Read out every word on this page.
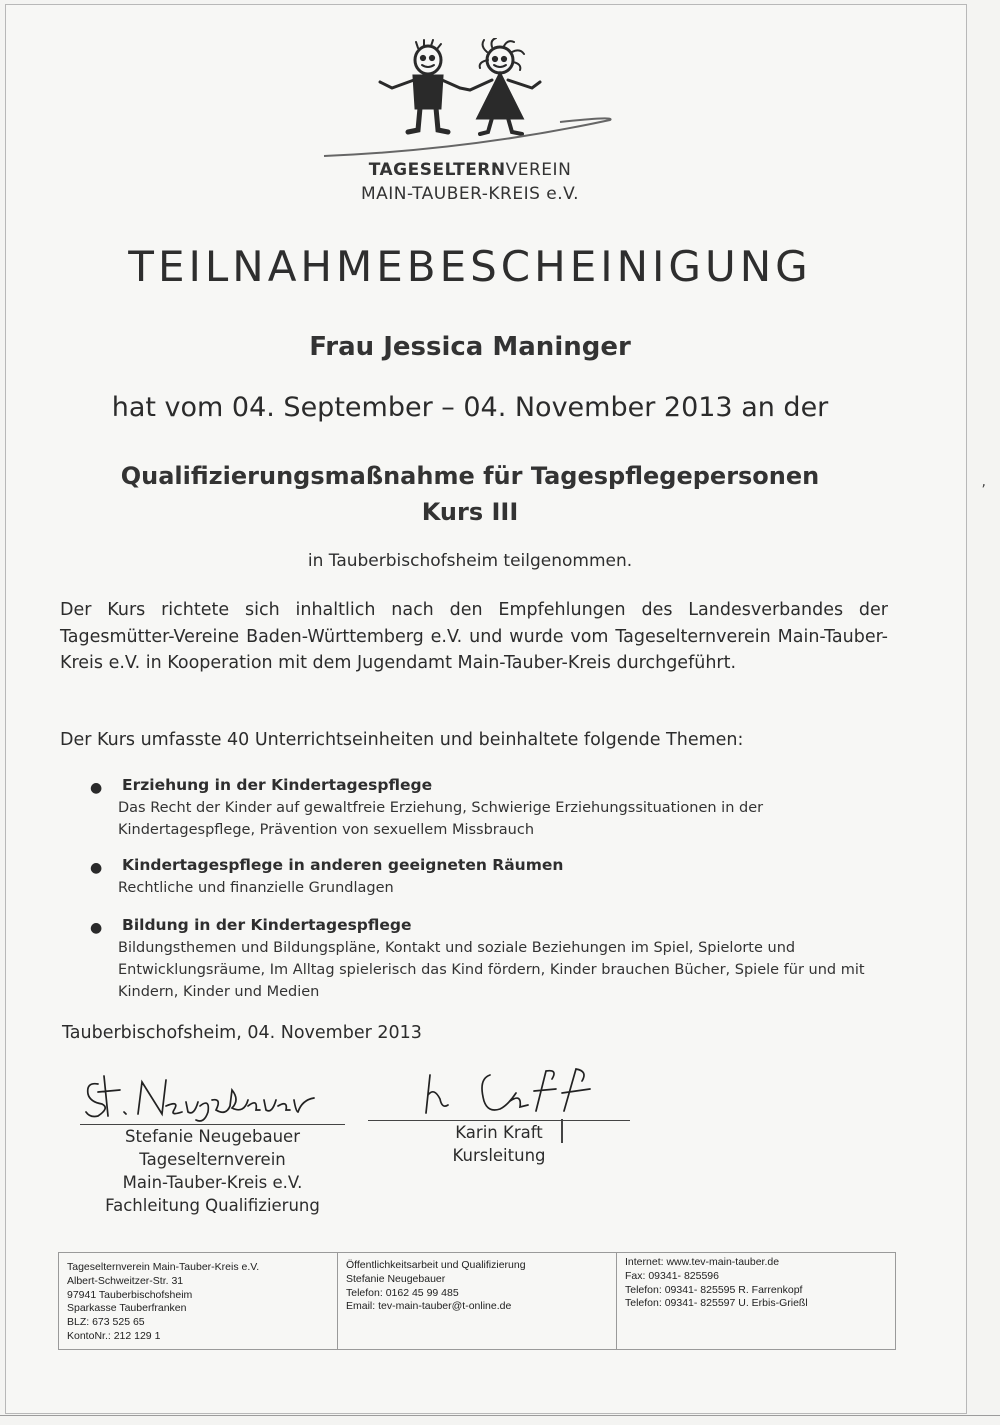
TAGESELTERNVEREIN
MAIN-TAUBER-KREIS e.V.
TEILNAHMEBESCHEINIGUNG
Frau Jessica Maninger
hat vom 04. September – 04. November 2013 an der
Qualifizierungsmaßnahme für Tagespflegepersonen
Kurs III
in Tauberbischofsheim teilgenommen.

Der Kurs richtete sich inhaltlich nach den Empfehlungen des Landesverbandes der Tagesmütter-Vereine Baden-Württemberg e.V. und wurde vom Tageselternverein Main-Tauber-Kreis e.V. in Kooperation mit dem Jugendamt Main-Tauber-Kreis durchgeführt.

Der Kurs umfasste 40 Unterrichtseinheiten und beinhaltete folgende Themen:
● Erziehung in der Kindertagespflege
Das Recht der Kinder auf gewaltfreie Erziehung, Schwierige Erziehungssituationen in der Kindertagespflege, Prävention von sexuellem Missbrauch
● Kindertagespflege in anderen geeigneten Räumen
Rechtliche und finanzielle Grundlagen
● Bildung in der Kindertagespflege
Bildungsthemen und Bildungspläne, Kontakt und soziale Beziehungen im Spiel, Spielorte und Entwicklungsräume, Im Alltag spielerisch das Kind fördern, Kinder brauchen Bücher, Spiele für und mit Kindern, Kinder und Medien
Tauberbischofsheim, 04. November 2013
Stefanie Neugebauer
Tageselternverein
Main-Tauber-Kreis e.V.
Fachleitung Qualifizierung
Karin Kraft
Kursleitung
Tageselternverein Main-Tauber-Kreis e.V.
Albert-Schweitzer-Str. 31
97941 Tauberbischofsheim
Sparkasse Tauberfranken
BLZ: 673 525 65
KontoNr.: 212 129 1
Öffentlichkeitsarbeit und Qualifizierung
Stefanie Neugebauer
Telefon: 0162 45 99 485
Email: tev-main-tauber@t-online.de
Internet: www.tev-main-tauber.de
Fax: 09341- 825596
Telefon: 09341- 825595 R. Farrenkopf
Telefon: 09341- 825597 U. Erbis-Grießl
,
